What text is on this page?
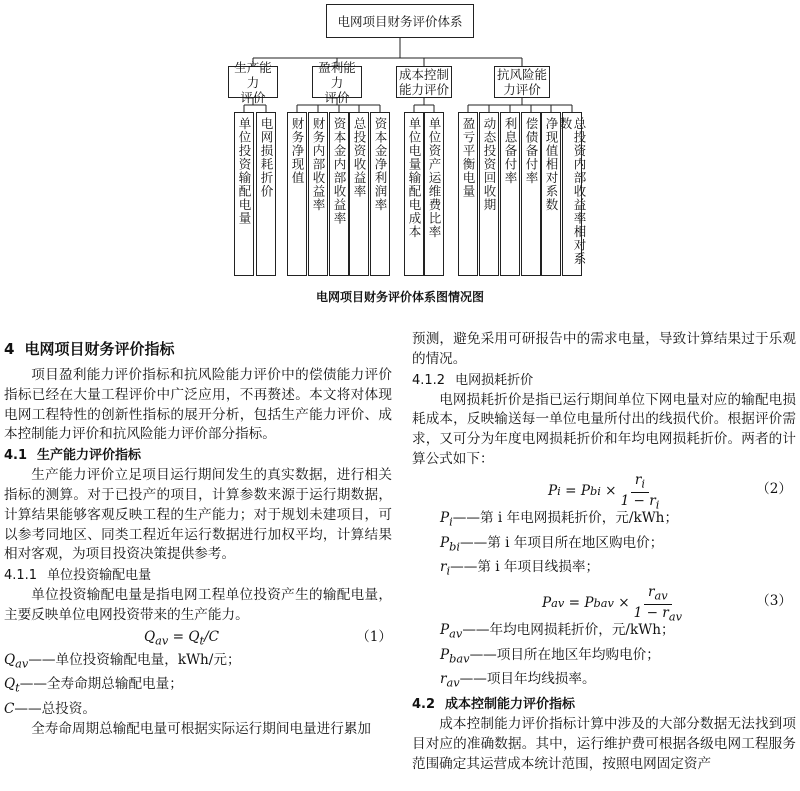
电网项目财务评价体系
生产能力
评价
盈利能力
评价
成本控制
能力评价
抗风险能
力评价
单位投资输配电量 电网损耗折价 财务净现值 财务内部收益率 资本金内部收益率 总投资收益率 资本金净利润率 单位电量输配电成本 单位资产运维费比率 盈亏平衡电量 动态投资回收期 利息备付率 偿债备付率 净现值相对系数	总投资内部收益率相对系数
电网项目财务评价体系图情况图
4 电网项目财务评价指标

项目盈利能力评价指标和抗风险能力评价中的偿债能力评价指标已经在大量工程评价中广泛应用，不再赘述。本文将对体现电网工程特性的创新性指标的展开分析，包括生产能力评价、成本控制能力评价和抗风险能力评价部分指标。

4.1 生产能力评价指标

生产能力评价立足项目运行期间发生的真实数据，进行相关指标的测算。对于已投产的项目，计算参数来源于运行期数据，计算结果能够客观反映工程的生产能力；对于规划未建项目，可以参考同地区、同类工程近年运行数据进行加权平均，计算结果相对客观，为项目投资决策提供参考。

4.1.1 单位投资输配电量

单位投资输配电量是指电网工程单位投资产生的输配电量，主要反映单位电网投资带来的生产能力。

$Q_{av} = Q_t/C$	（1）
$Q_{av}——$单位投资输配电量，kWh/元；
$Q_t——$全寿命期总输配电量；
C——总投资。

全寿命周期总输配电量可根据实际运行期间电量进行累加

预测，避免采用可研报告中的需求电量，导致计算结果过于乐观的情况。

4.1.2 电网损耗折价

电网损耗折价是指已运行期间单位下网电量对应的输配电损耗成本，反映输送每一单位电量所付出的线损代价。根据评价需求，又可分为年度电网损耗折价和年均电网损耗折价。两者的计算公式如下：

P i = P bi × $\frac{r_i}{1 - r_i}$	（2）
$P_i——$第 i 年电网损耗折价，元/kWh；
$P_{bi}——$第 i 年项目所在地区购电价；
$r_i——$第 i 年项目线损率；
P av = P bav × $\frac{r_{av}}{1 - r_{av}}$	（3）
$P_{av}——$年均电网损耗折价，元/kWh；
$P_{bav}——$项目所在地区年均购电价；
$r_{av}——$项目年均线损率。
4.2 成本控制能力评价指标

成本控制能力评价指标计算中涉及的大部分数据无法找到项目对应的准确数据。其中，运行维护费可根据各级电网工程服务范围确定其运营成本统计范围，按照电网固定资产
